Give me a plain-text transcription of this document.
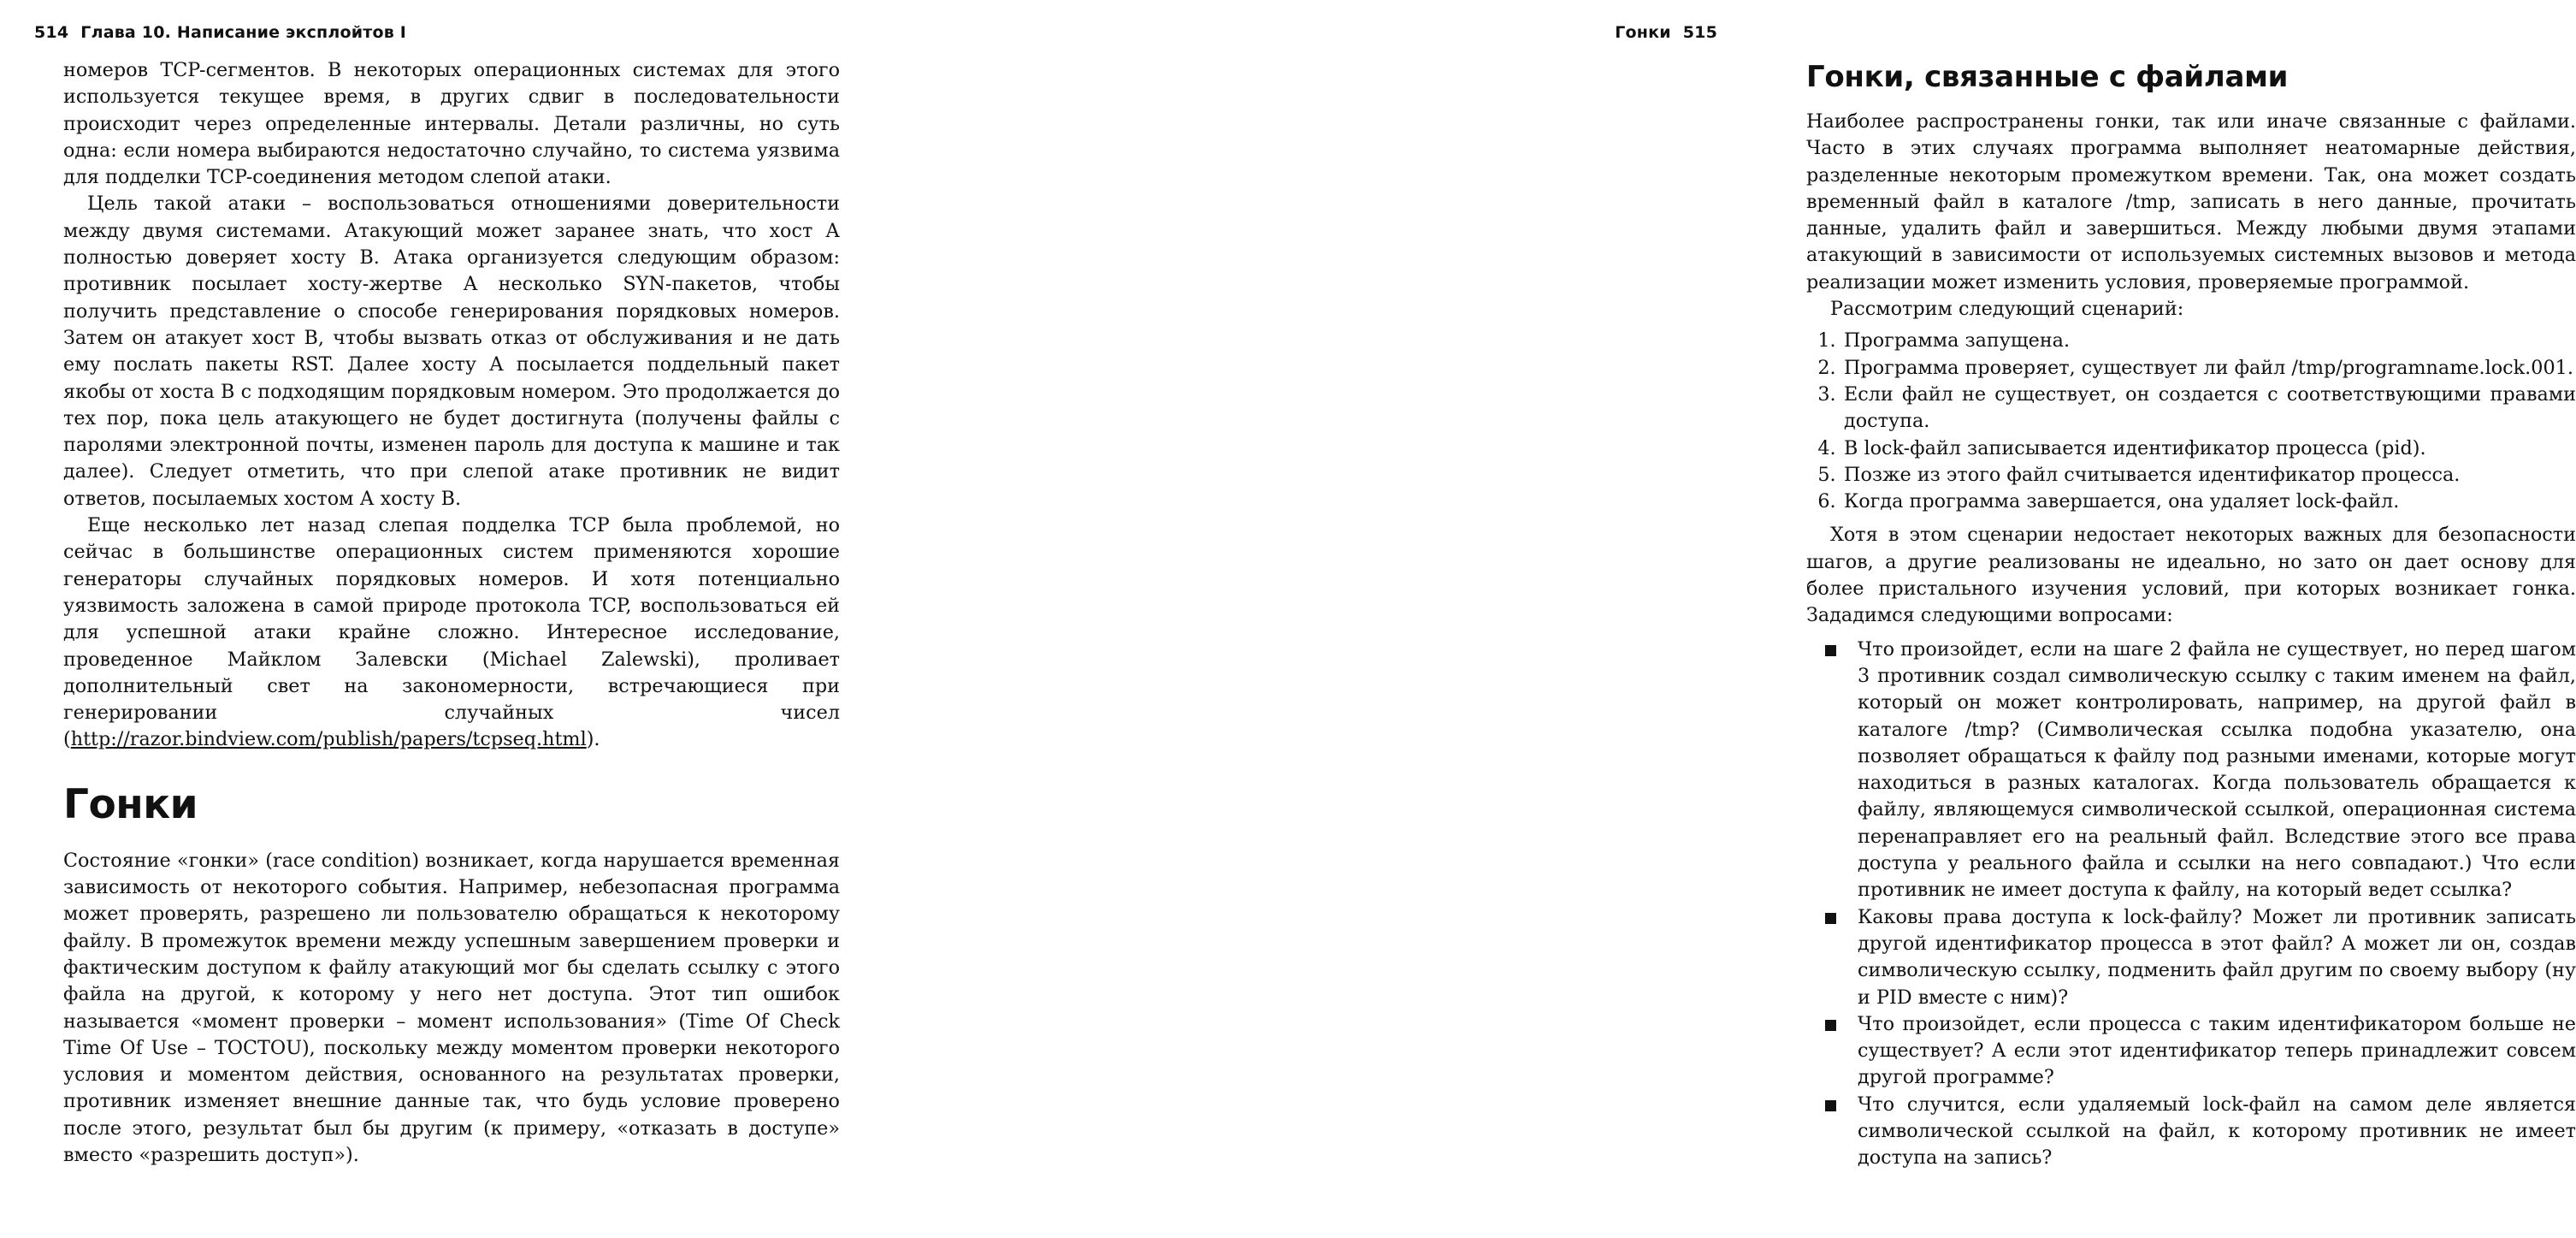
514 Глава 10. Написание эксплойтов I

номеров TCP-сегментов. В некоторых операционных системах для этого используется текущее время, в других сдвиг в последовательности происходит через определенные интервалы. Детали различны, но суть одна: если номера выбираются недостаточно случайно, то система уязвима для подделки TCP-соединения методом слепой атаки.

Цель такой атаки – воспользоваться отношениями доверительности между двумя системами. Атакующий может заранее знать, что хост А полностью доверяет хосту В. Атака организуется следующим образом: противник посылает хосту-жертве А несколько SYN-пакетов, чтобы получить представление о способе генерирования порядковых номеров. Затем он атакует хост В, чтобы вызвать отказ от обслуживания и не дать ему послать пакеты RST. Далее хосту А посылается поддельный пакет якобы от хоста В с подходящим порядковым номером. Это продолжается до тех пор, пока цель атакующего не будет достигнута (получены файлы с паролями электронной почты, изменен пароль для доступа к машине и так далее). Следует отметить, что при слепой атаке противник не видит ответов, посылаемых хостом А хосту В.

Еще несколько лет назад слепая подделка TCP была проблемой, но сейчас в большинстве операционных систем применяются хорошие генераторы случайных порядковых номеров. И хотя потенциально уязвимость заложена в самой природе протокола TCP, воспользоваться ей для успешной атаки крайне сложно. Интересное исследование, проведенное Майклом Залевски (Michael Zalewski), проливает дополнительный свет на закономерности, встречающиеся при генерировании случайных чисел (http://razor.bindview.com/publish/papers/tcpseq.html).

Гонки

Состояние «гонки» (race condition) возникает, когда нарушается временная зависимость от некоторого события. Например, небезопасная программа может проверять, разрешено ли пользователю обращаться к некоторому файлу. В промежуток времени между успешным завершением проверки и фактическим доступом к файлу атакующий мог бы сделать ссылку с этого файла на другой, к которому у него нет доступа. Этот тип ошибок называется «момент проверки – момент использования» (Time Of Check Time Of Use – TOCTOU), поскольку между моментом проверки некоторого условия и моментом действия, основанного на результатах проверки, противник изменяет внешние данные так, что будь условие проверено после этого, результат был бы другим (к примеру, «отказать в доступе» вместо «разрешить доступ»).

Гонки 515
Гонки, связанные с файлами

Наиболее распространены гонки, так или иначе связанные с файлами. Часто в этих случаях программа выполняет неатомарные действия, разделенные некоторым промежутком времени. Так, она может создать временный файл в каталоге /tmp, записать в него данные, прочитать данные, удалить файл и завершиться. Между любыми двумя этапами атакующий в зависимости от используемых системных вызовов и метода реализации может изменить условия, проверяемые программой.

Рассмотрим следующий сценарий:

1. Программа запущена.
2. Программа проверяет, существует ли файл /tmp/programname.lock.001.
3. Если файл не существует, он создается с соответствующими правами доступа.
4. В lock-файл записывается идентификатор процесса (pid).
5. Позже из этого файл считывается идентификатор процесса.
6. Когда программа завершается, она удаляет lock-файл.

Хотя в этом сценарии недостает некоторых важных для безопасности шагов, а другие реализованы не идеально, но зато он дает основу для более пристального изучения условий, при которых возникает гонка. Зададимся следующими вопросами:

Что произойдет, если на шаге 2 файла не существует, но перед шагом 3 противник создал символическую ссылку с таким именем на файл, который он может контролировать, например, на другой файл в каталоге /tmp? (Символическая ссылка подобна указателю, она позволяет обращаться к файлу под разными именами, которые могут находиться в разных каталогах. Когда пользователь обращается к файлу, являющемуся символической ссылкой, операционная система перенаправляет его на реальный файл. Вследствие этого все права доступа у реального файла и ссылки на него совпадают.) Что если противник не имеет доступа к файлу, на который ведет ссылка?
Каковы права доступа к lock-файлу? Может ли противник записать другой идентификатор процесса в этот файл? А может ли он, создав символическую ссылку, подменить файл другим по своему выбору (ну и PID вместе с ним)?
Что произойдет, если процесса с таким идентификатором больше не существует? А если этот идентификатор теперь принадлежит совсем другой программе?
Что случится, если удаляемый lock-файл на самом деле является символической ссылкой на файл, к которому противник не имеет доступа на запись?
